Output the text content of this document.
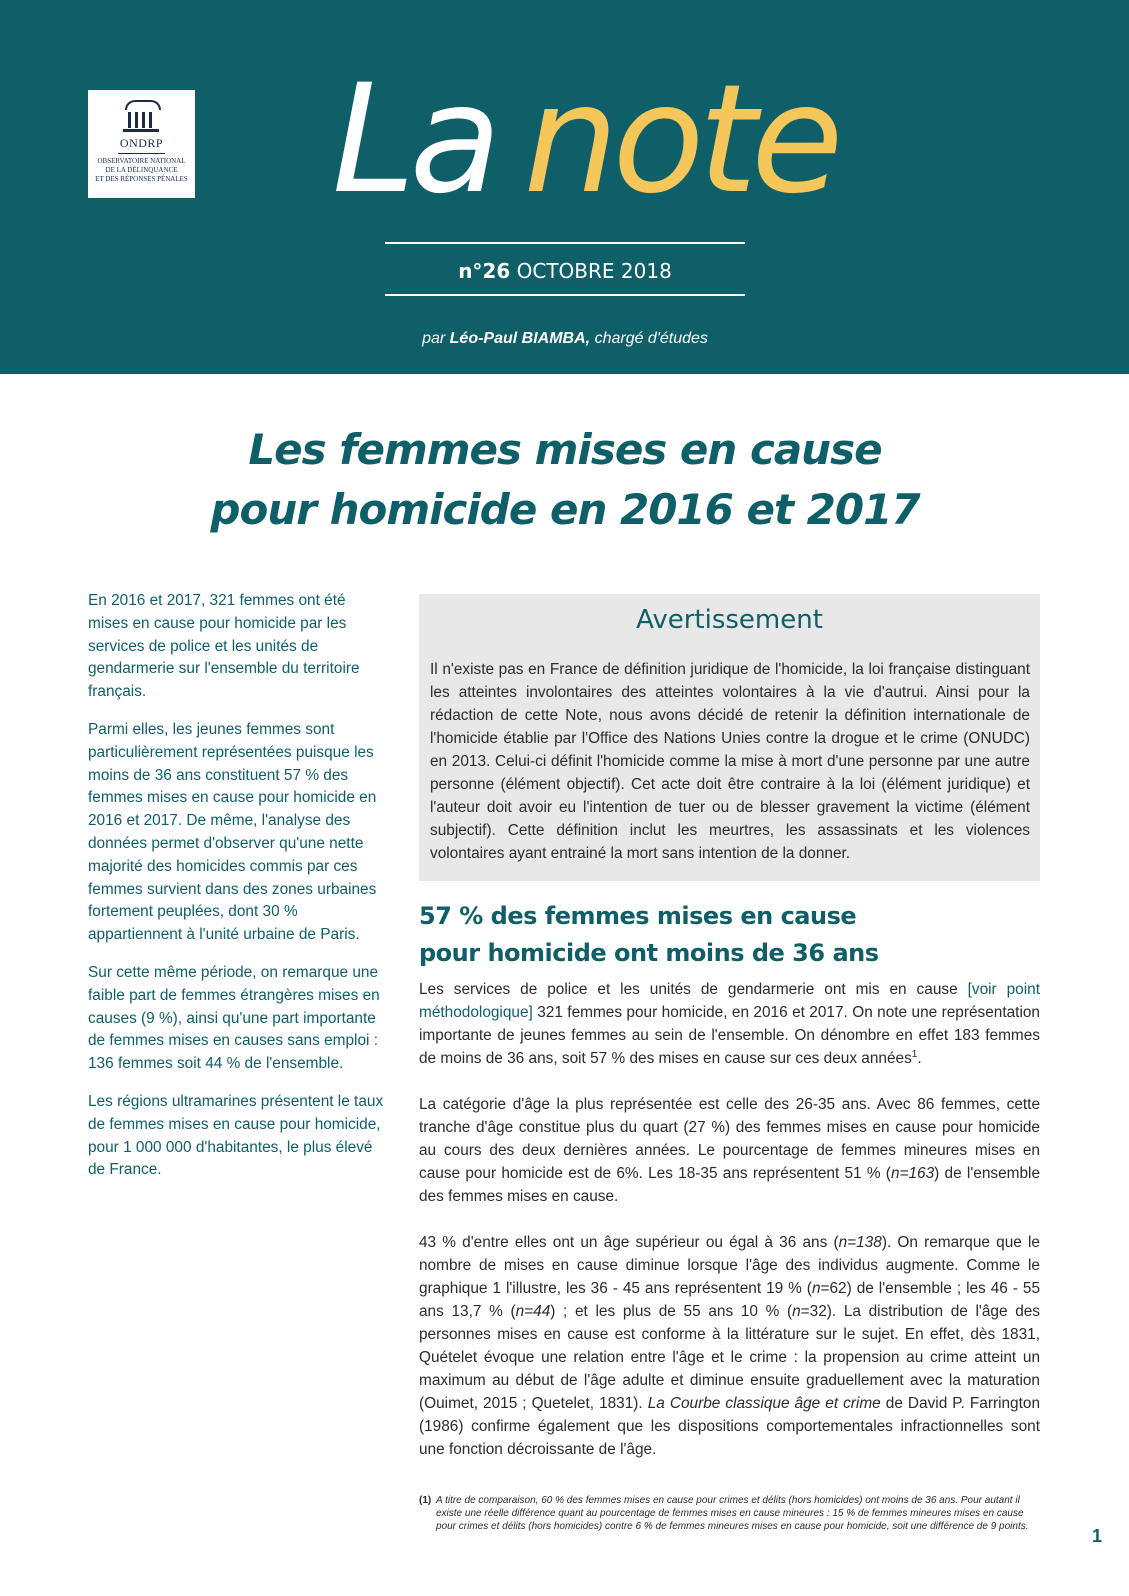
ONDRP
OBSERVATOIRE NATIONAL
DE LA DÉLINQUANCE
ET DES RÉPONSES PÉNALES La note
n°26 OCTOBRE 2018
par Léo-Paul BIAMBA, chargé d'études
Les femmes mises en cause
pour homicide en 2016 et 2017

En 2016 et 2017, 321 femmes ont été mises en cause pour homicide par les services de police et les unités de gendarmerie sur l'ensemble du territoire français.

Parmi elles, les jeunes femmes sont particulièrement représentées puisque les moins de 36 ans constituent 57 % des femmes mises en cause pour homicide en 2016 et 2017. De même, l'analyse des données permet d'observer qu'une nette majorité des homicides commis par ces femmes survient dans des zones urbaines fortement peuplées, dont 30 % appartiennent à l'unité urbaine de Paris.

Sur cette même période, on remarque une faible part de femmes étrangères mises en causes (9 %), ainsi qu'une part importante de femmes mises en causes sans emploi : 136 femmes soit 44 % de l'ensemble.

Les régions ultramarines présentent le taux de femmes mises en cause pour homicide, pour 1 000 000 d'habitantes, le plus élevé de France.

Avertissement

Il n'existe pas en France de définition juridique de l'homicide, la loi française distinguant les atteintes involontaires des atteintes volontaires à la vie d'autrui. Ainsi pour la rédaction de cette Note, nous avons décidé de retenir la définition internationale de l'homicide établie par l'Office des Nations Unies contre la drogue et le crime (ONUDC) en 2013. Celui-ci définit l'homicide comme la mise à mort d'une personne par une autre personne (élément objectif). Cet acte doit être contraire à la loi (élément juridique) et l'auteur doit avoir eu l'intention de tuer ou de blesser gravement la victime (élément subjectif). Cette définition inclut les meurtres, les assassinats et les violences volontaires ayant entrainé la mort sans intention de la donner.

57 % des femmes mises en cause
pour homicide ont moins de 36 ans

Les services de police et les unités de gendarmerie ont mis en cause [voir point méthodologique] 321 femmes pour homicide, en 2016 et 2017. On note une représentation importante de jeunes femmes au sein de l'ensemble. On dénombre en effet 183 femmes de moins de 36 ans, soit 57 % des mises en cause sur ces deux années$^1$.

La catégorie d'âge la plus représentée est celle des 26-35 ans. Avec 86 femmes, cette tranche d'âge constitue plus du quart (27 %) des femmes mises en cause pour homicide au cours des deux dernières années. Le pourcentage de femmes mineures mises en cause pour homicide est de 6%. Les 18-35 ans représentent 51 % (n=163) de l'ensemble des femmes mises en cause.

43 % d'entre elles ont un âge supérieur ou égal à 36 ans (n=138). On remarque que le nombre de mises en cause diminue lorsque l'âge des individus augmente. Comme le graphique 1 l'illustre, les 36 - 45 ans représentent 19 % (n=62) de l'ensemble ; les 46 - 55 ans 13,7 % (n=44) ; et les plus de 55 ans 10 % (n=32). La distribution de l'âge des personnes mises en cause est conforme à la littérature sur le sujet. En effet, dès 1831, Quételet évoque une relation entre l'âge et le crime : la propension au crime atteint un maximum au début de l'âge adulte et diminue ensuite graduellement avec la maturation (Ouimet, 2015 ; Quetelet, 1831). La Courbe classique âge et crime de David P. Farrington (1986) confirme également que les dispositions comportementales infractionnelles sont une fonction décroissante de l'âge.

(1) A titre de comparaison, 60 % des femmes mises en cause pour crimes et délits (hors homicides) ont moins de 36 ans. Pour autant il existe une réelle différence quant au pourcentage de femmes mises en cause mineures : 15 % de femmes mineures mises en cause pour crimes et délits (hors homicides) contre 6 % de femmes mineures mises en cause pour homicide, soit une différence de 9 points.	1
